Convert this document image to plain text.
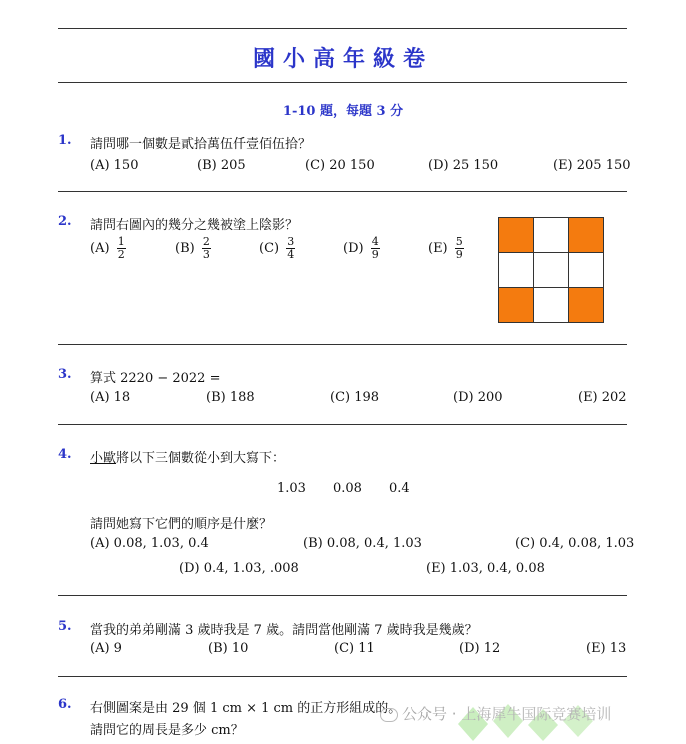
國小高年級卷
1-10 題，每題 3 分
1. 請問哪一個數是貳拾萬伍仟壹佰伍拾？
(A) 150	(B) 205	(C) 20 150	(D) 25 150	(E) 205 150
2. 請問右圖內的幾分之幾被塗上陰影？
$(A) \frac{1}{2}$	$(B) \frac{2}{3}$	$(C) \frac{3}{4}$	$(D) \frac{4}{9}$	$(E) \frac{5}{9}$

3. 算式 2220 − 2022 =
(A) 18	(B) 188	(C) 198	(D) 200	(E) 202
4. 小歐將以下三個數從小到大寫下：
1.03 0.08 0.4
請問她寫下它們的順序是什麼？
(A) 0.08, 1.03, 0.4	(B) 0.08, 0.4, 1.03	(C) 0.4, 0.08, 1.03
(D) 0.4, 1.03, .008	(E) 1.03, 0.4, 0.08
5. 當我的弟弟剛滿 3 歲時我是 7 歲。請問當他剛滿 7 歲時我是幾歲？
(A) 9	(B) 10	(C) 11	(D) 12	(E) 13
6. 右側圖案是由 29 個 1 cm × 1 cm 的正方形組成的。
請問它的周長是多少 cm？
公众号 · 上海犀牛国际竞赛培训
